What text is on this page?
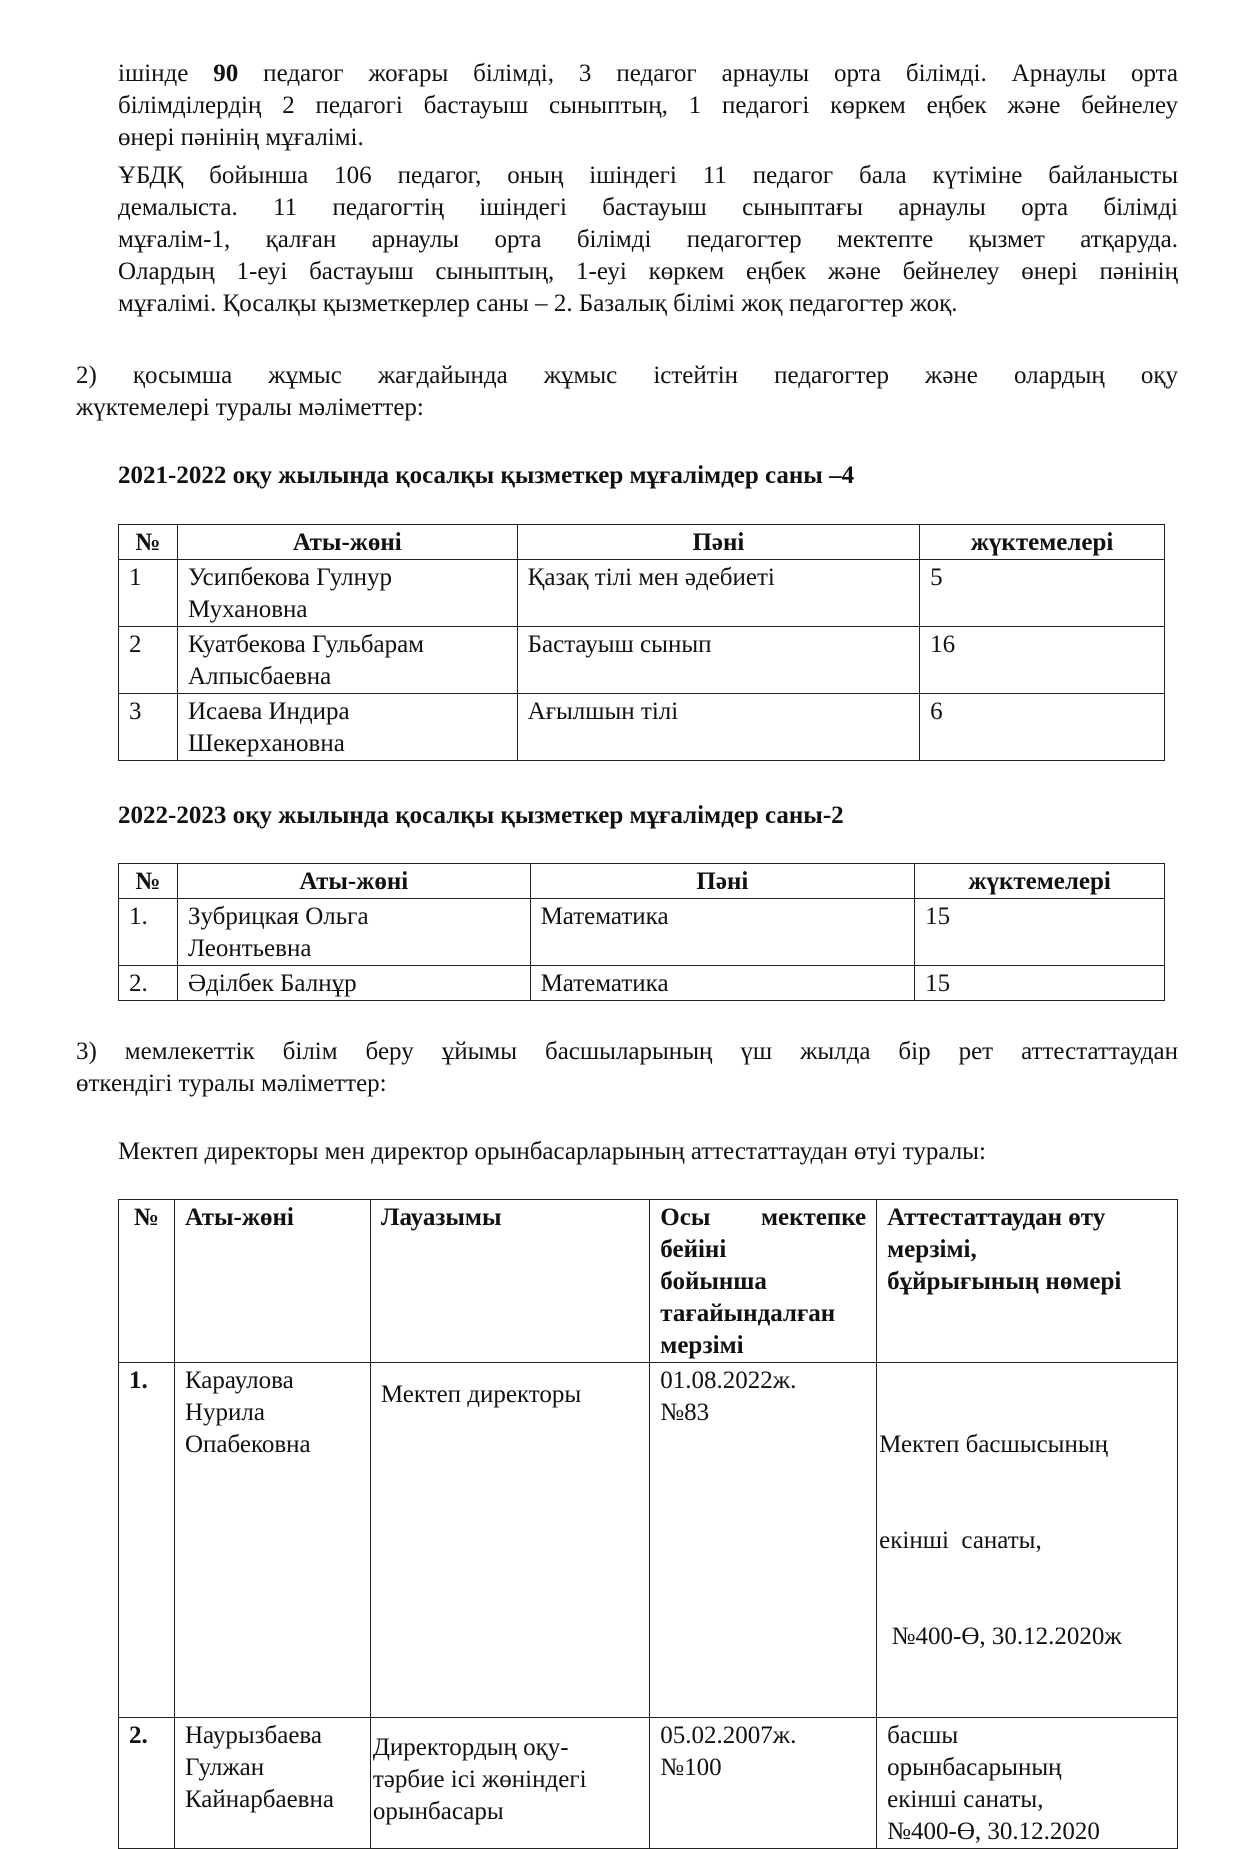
ішінде 90 педагог жоғары білімді, 3 педагог арнаулы орта білімді. Арнаулы орта
білімділердің 2 педагогі бастауыш сыныптың, 1 педагогі көркем еңбек және бейнелеу
өнері пәнінің мұғалімі.
ҰБДҚ бойынша 106 педагог, оның ішіндегі 11 педагог бала күтіміне байланысты
демалыста. 11 педагогтің ішіндегі бастауыш сыныптағы арнаулы орта білімді
мұғалім-1, қалған арнаулы орта білімді педагогтер мектепте қызмет атқаруда.
Олардың 1-еуі бастауыш сыныптың, 1-еуі көркем еңбек және бейнелеу өнері пәнінің
мұғалімі. Қосалқы қызметкерлер саны – 2. Базалық білімі жоқ педагогтер жоқ.
2) қосымша жұмыс жағдайында жұмыс істейтін педагогтер және олардың оқу
жүктемелері туралы мәліметтер:
2021-2022 оқу жылында қосалқы қызметкер мұғалімдер саны –4
№	Аты-жөні	Пәні	жүктемелері
1	Усипбекова Гулнур
Мухановна	Қазақ тілі мен әдебиеті	5
2	Куатбекова Гульбарам
Алпысбаевна	Бастауыш сынып	16
3	Исаева Индира
Шекерхановна	Ағылшын тілі	6
2022-2023 оқу жылында қосалқы қызметкер мұғалімдер саны-2
№	Аты-жөні	Пәні	жүктемелері
1.	Зубрицкая Ольга
Леонтьевна	Математика	15
2.	Әділбек Балнұр	Математика	15
3) мемлекеттік білім беру ұйымы басшыларының үш жылда бір рет аттестаттаудан
өткендігі туралы мәліметтер:
Мектеп директоры мен директор орынбасарларының аттестаттаудан өтуі туралы:
№	Аты-жөні	Лауазымы	Осы мектепке
бейіні
бойынша
тағайындалған
мерзімі	Аттестаттаудан өту
мерзімі,
бұйрығының нөмері

1.	Караулова
Нурила
Опабековна	Мектеп директоры	01.08.2022ж.
№83	Мектеп басшысының

екінші  санаты,

№400-Ө, 30.12.2020ж

2.	Наурызбаева
Гулжан
Кайнарбаевна	Директордың оқу-
тәрбие ісі жөніндегі
орынбасары	05.02.2007ж.
№100	басшы
орынбасарының
екінші санаты,
№400-Ө, 30.12.2020
